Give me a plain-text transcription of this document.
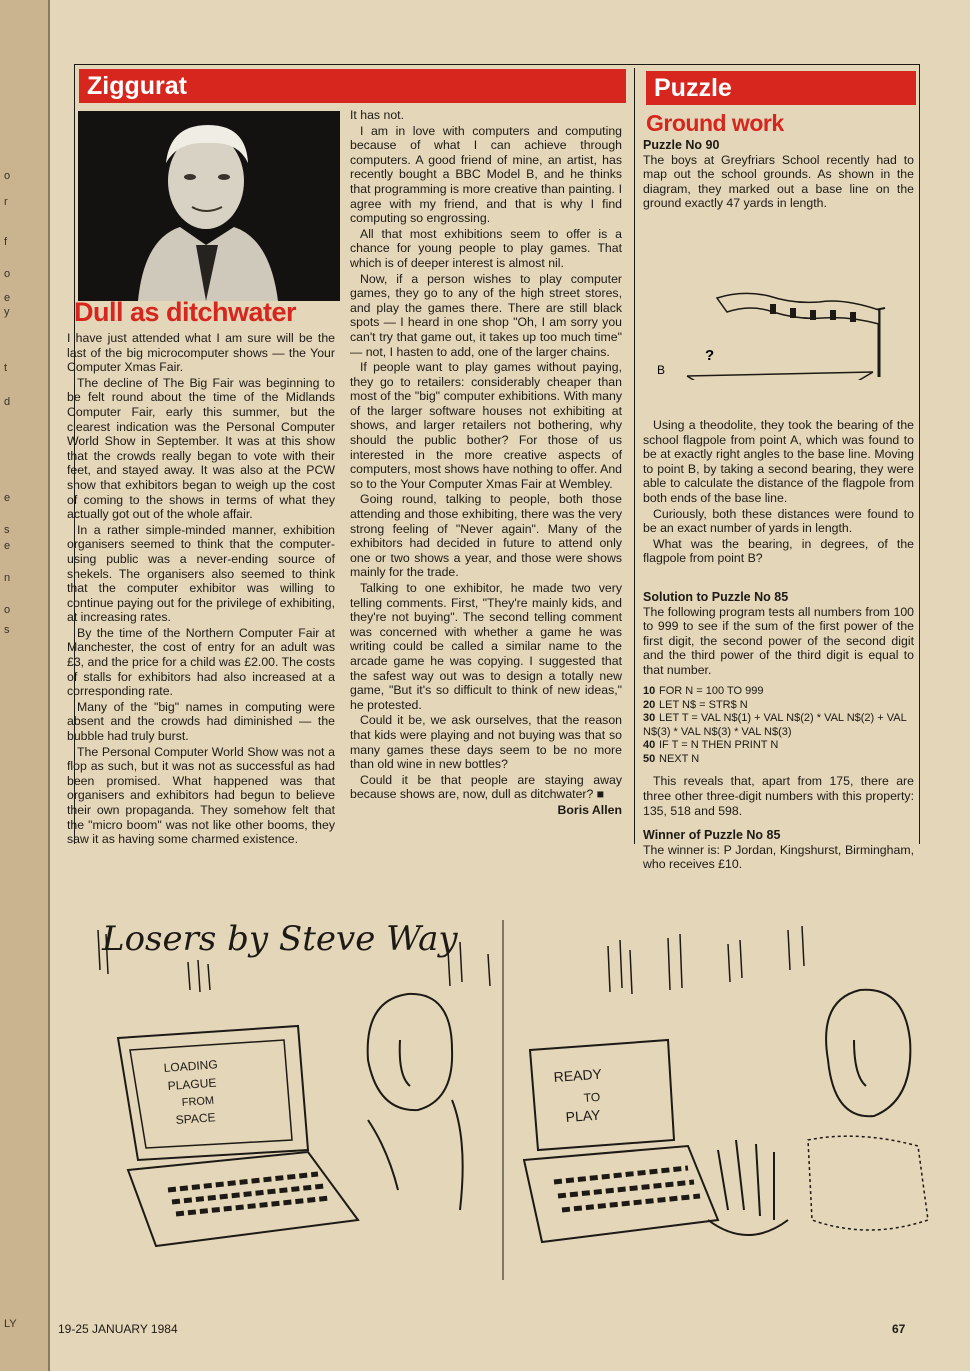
o
r
f
o
e
y
t
d
e
s
e
n
o
s
LY
Ziggurat
Dull as ditchwater

I have just attended what I am sure will be the last of the big microcomputer shows — the Your Computer Xmas Fair.

The decline of The Big Fair was beginning to be felt round about the time of the Midlands Computer Fair, early this summer, but the clearest indication was the Personal Computer World Show in September. It was at this show that the crowds really began to vote with their feet, and stayed away. It was also at the PCW show that exhibitors began to weigh up the cost of coming to the shows in terms of what they actually got out of the whole affair.

In a rather simple-minded manner, exhibition organisers seemed to think that the computer-using public was a never-ending source of shekels. The organisers also seemed to think that the computer exhibitor was willing to continue paying out for the privilege of exhibiting, at increasing rates.

By the time of the Northern Computer Fair at Manchester, the cost of entry for an adult was £3, and the price for a child was £2.00. The costs of stalls for exhibitors had also increased at a corresponding rate.

Many of the "big" names in computing were absent and the crowds had diminished — the bubble had truly burst.

The Personal Computer World Show was not a flop as such, but it was not as successful as had been promised. What happened was that organisers and exhibitors had begun to believe their own propaganda. They somehow felt that the "micro boom" was not like other booms, they saw it as having some charmed existence.

It has not.

I am in love with computers and computing because of what I can achieve through computers. A good friend of mine, an artist, has recently bought a BBC Model B, and he thinks that programming is more creative than painting. I agree with my friend, and that is why I find computing so engrossing.

All that most exhibitions seem to offer is a chance for young people to play games. That which is of deeper interest is almost nil.

Now, if a person wishes to play computer games, they go to any of the high street stores, and play the games there. There are still black spots — I heard in one shop "Oh, I am sorry you can't try that game out, it takes up too much time" — not, I hasten to add, one of the larger chains.

If people want to play games without paying, they go to retailers: considerably cheaper than most of the "big" computer exhibitions. With many of the larger software houses not exhibiting at shows, and larger retailers not bothering, why should the public bother? For those of us interested in the more creative aspects of computers, most shows have nothing to offer. And so to the Your Computer Xmas Fair at Wembley.

Going round, talking to people, both those attending and those exhibiting, there was the very strong feeling of "Never again". Many of the exhibitors had decided in future to attend only one or two shows a year, and those were shows mainly for the trade.

Talking to one exhibitor, he made two very telling comments. First, "They're mainly kids, and they're not buying". The second telling comment was concerned with whether a game he was writing could be called a similar name to the arcade game he was copying. I suggested that the safest way out was to design a totally new game, "But it's so difficult to think of new ideas," he protested.

Could it be, we ask ourselves, that the reason that kids were playing and not buying was that so many games these days seem to be no more than old wine in new bottles?

Could it be that people are staying away because shows are, now, dull as ditchwater? ■

Boris Allen
Puzzle
Ground work
Puzzle No 90

The boys at Greyfriars School recently had to map out the school grounds. As shown in the diagram, they marked out a base line on the ground exactly 47 yards in length.

B
?

Using a theodolite, they took the bearing of the school flagpole from point A, which was found to be at exactly right angles to the base line. Moving to point B, by taking a second bearing, they were able to calculate the distance of the flagpole from both ends of the base line.

Curiously, both these distances were found to be an exact number of yards in length.

What was the bearing, in degrees, of the flagpole from point B?

Solution to Puzzle No 85

The following program tests all numbers from 100 to 999 to see if the sum of the first power of the first digit, the second power of the second digit and the third power of the third digit is equal to that number.

10 FOR N = 100 TO 999
20 LET N$ = STR$ N
30 LET T = VAL N$(1) + VAL N$(2) * VAL N$(2) + VAL N$(3) * VAL N$(3) * VAL N$(3)
40 IF T = N THEN PRINT N
50 NEXT N

This reveals that, apart from 175, there are three other three-digit numbers with this property: 135, 518 and 598.

Winner of Puzzle No 85

The winner is: P Jordan, Kingshurst, Birmingham, who receives £10.

Losers by Steve Way
LOADING
PLAGUE
FROM
SPACE
READY
TO
PLAY
19-25 JANUARY 1984	67
